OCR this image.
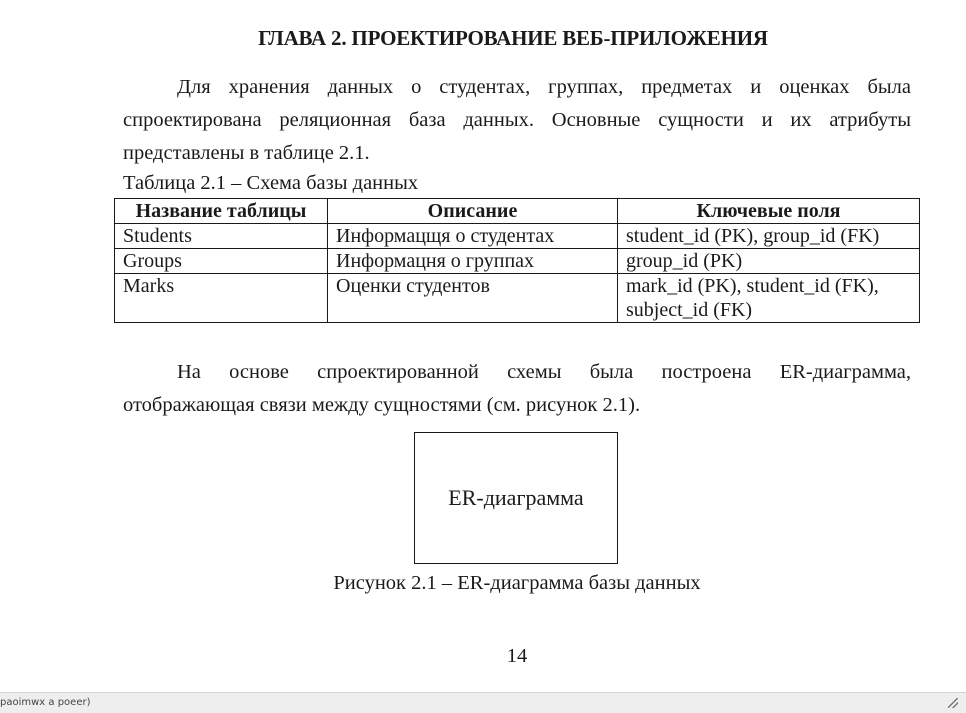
ГЛАВА 2. ПРОЕКТИРОВАНИЕ ВЕБ-ПРИЛОЖЕНИЯ
Для хранения данных о студентах, группах, предметах и оценках была
спроектирована реляционная база данных. Основные сущности и их атрибуты
представлены в таблице 2.1.
Таблица 2.1 – Схема базы данных
Название таблицы	Описание	Ключевые поля
Students	Информацщя о студентах	student_id (PK), group_id (FK)
Groups	Информацня о группах	group_id (PK)
Marks	Оценки студентов	mark_id (PK), student_id (FK),
subject_id (FK)
На основе спроектированной схемы была построена ER-диаграмма,
отображающая связи между сущностями (см. рисунок 2.1).
ER-диаграмма
Рисунок 2.1 – ER-диаграмма базы данных
14
paoimwx a poeer)
